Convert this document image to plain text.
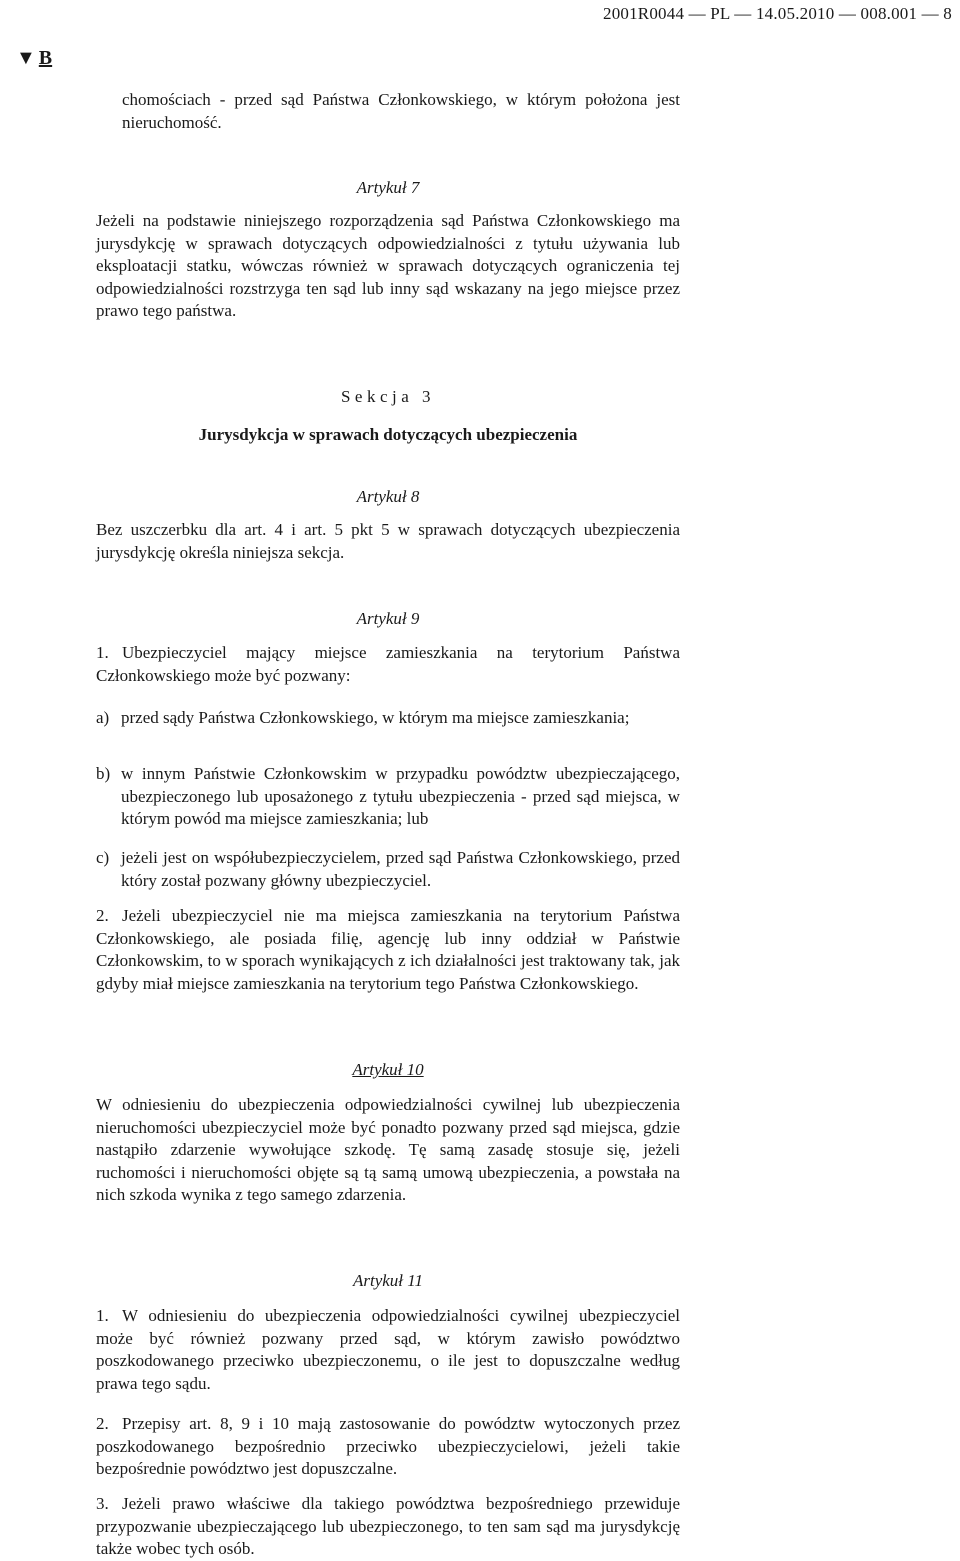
2001R0044 — PL — 14.05.2010 — 008.001 — 8
▼ B

chomościach - przed sąd Państwa Członkowskiego, w którym położona jest nieruchomość.

Artykuł 7

Jeżeli na podstawie niniejszego rozporządzenia sąd Państwa Członkowskiego ma jurysdykcję w sprawach dotyczących odpowiedzialności z tytułu używania lub eksploatacji statku, wówczas również w sprawach dotyczących ograniczenia tej odpowiedzialności rozstrzyga ten sąd lub inny sąd wskazany na jego miejsce przez prawo tego państwa.

Sekcja 3

Jurysdykcja w sprawach dotyczących ubezpieczenia

Artykuł 8

Bez uszczerbku dla art. 4 i art. 5 pkt 5 w sprawach dotyczących ubezpieczenia jurysdykcję określa niniejsza sekcja.

Artykuł 9

1. Ubezpieczyciel mający miejsce zamieszkania na terytorium Państwa Członkowskiego może być pozwany:

a) przed sądy Państwa Członkowskiego, w którym ma miejsce zamieszkania;
b) w innym Państwie Członkowskim w przypadku powództw ubezpieczającego, ubezpieczonego lub uposażonego z tytułu ubezpieczenia - przed sąd miejsca, w którym powód ma miejsce zamieszkania; lub
c) jeżeli jest on współubezpieczycielem, przed sąd Państwa Członkowskiego, przed który został pozwany główny ubezpieczyciel.

2. Jeżeli ubezpieczyciel nie ma miejsca zamieszkania na terytorium Państwa Członkowskiego, ale posiada filię, agencję lub inny oddział w Państwie Członkowskim, to w sporach wynikających z ich działalności jest traktowany tak, jak gdyby miał miejsce zamieszkania na terytorium tego Państwa Członkowskiego.

Artykuł 10

W odniesieniu do ubezpieczenia odpowiedzialności cywilnej lub ubezpieczenia nieruchomości ubezpieczyciel może być ponadto pozwany przed sąd miejsca, gdzie nastąpiło zdarzenie wywołujące szkodę. Tę samą zasadę stosuje się, jeżeli ruchomości i nieruchomości objęte są tą samą umową ubezpieczenia, a powstała na nich szkoda wynika z tego samego zdarzenia.

Artykuł 11

1. W odniesieniu do ubezpieczenia odpowiedzialności cywilnej ubezpieczyciel może być również pozwany przed sąd, w którym zawisło powództwo poszkodowanego przeciwko ubezpieczonemu, o ile jest to dopuszczalne według prawa tego sądu.

2. Przepisy art. 8, 9 i 10 mają zastosowanie do powództw wytoczonych przez poszkodowanego bezpośrednio przeciwko ubezpieczycielowi, jeżeli takie bezpośrednie powództwo jest dopuszczalne.

3. Jeżeli prawo właściwe dla takiego powództwa bezpośredniego przewiduje przypozwanie ubezpieczającego lub ubezpieczonego, to ten sam sąd ma jurysdykcję także wobec tych osób.
